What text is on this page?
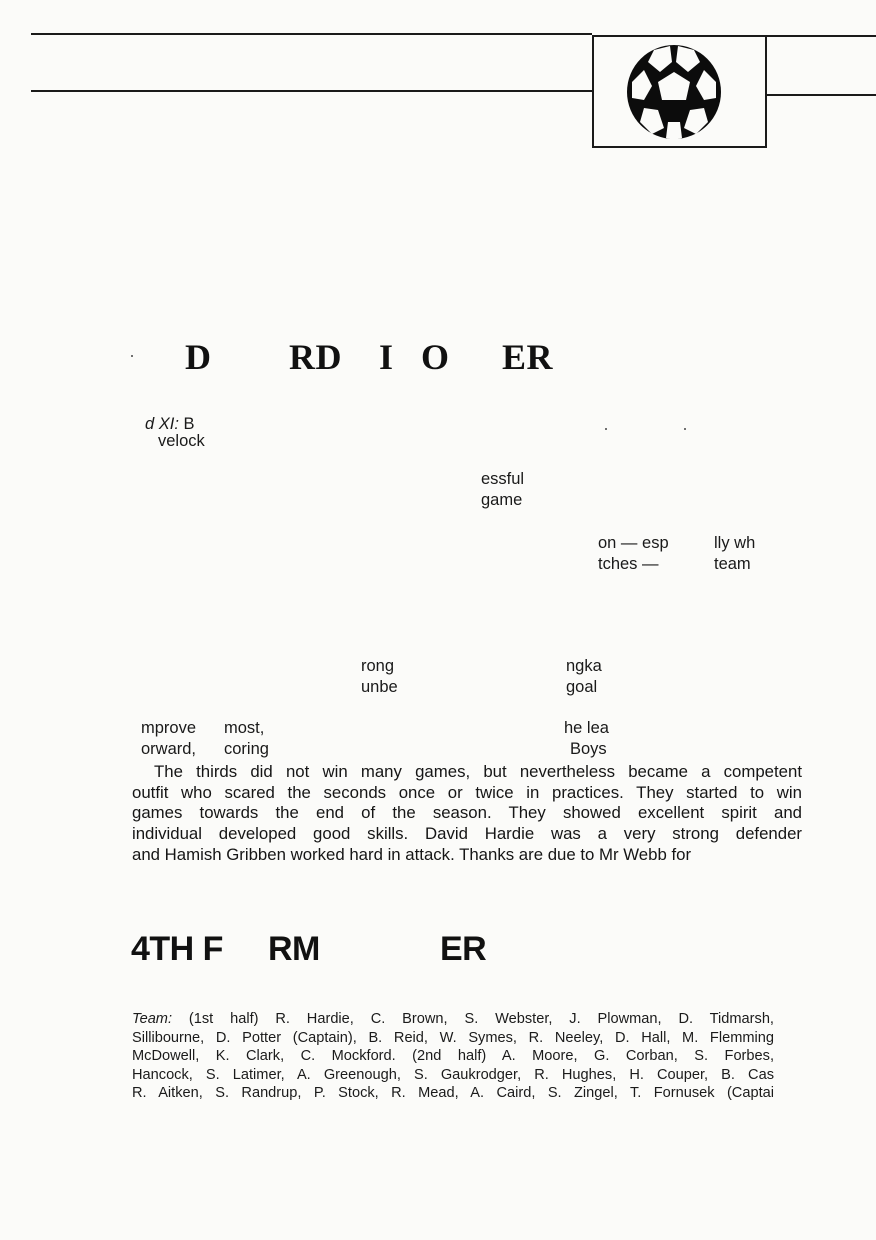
D RD I O ER
d XI: B
velock
essful
game
on — esp
tches —
lly wh
team
rong
unbe
ngka
goal
mprove
orward,
most,
coring
he lea
Boys
The thirds did not win many games, but nevertheless became a competent
outfit who scared the seconds once or twice in practices. They started to win
games towards the end of the season. They showed excellent spirit and
individual developed good skills. David Hardie was a very strong defender
and Hamish Gribben worked hard in attack. Thanks are due to Mr Webb for
4TH F RM	ER
Team: (1st half) R. Hardie, C. Brown, S. Webster, J. Plowman, D. Tidmarsh,
Sillibourne, D. Potter (Captain), B. Reid, W. Symes, R. Neeley, D. Hall, M. Flemming
McDowell, K. Clark, C. Mockford. (2nd half) A. Moore, G. Corban, S. Forbes,
Hancock, S. Latimer, A. Greenough, S. Gaukrodger, R. Hughes, H. Couper, B. Cas
R. Aitken, S. Randrup, P. Stock, R. Mead, A. Caird, S. Zingel, T. Fornusek (Captai
